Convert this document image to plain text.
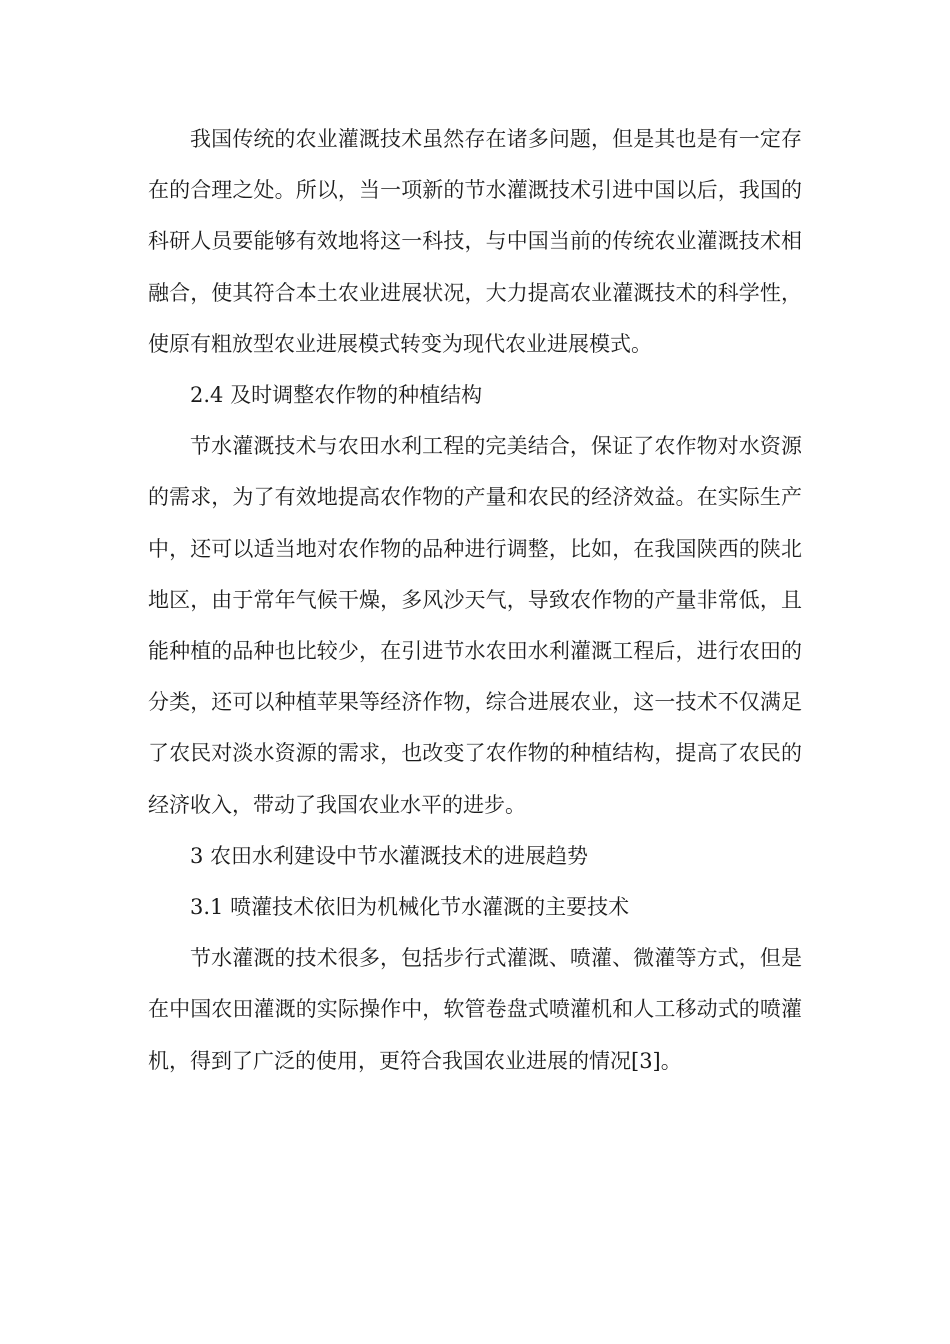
我国传统的农业灌溉技术虽然存在诸多问题，但是其也是有一定存在的合理之处。所以，当一项新的节水灌溉技术引进中国以后，我国的科研人员要能够有效地将这一科技，与中国当前的传统农业灌溉技术相融合，使其符合本土农业进展状况，大力提高农业灌溉技术的科学性，使原有粗放型农业进展模式转变为现代农业进展模式。

2.4 及时调整农作物的种植结构

节水灌溉技术与农田水利工程的完美结合，保证了农作物对水资源的需求，为了有效地提高农作物的产量和农民的经济效益。在实际生产中，还可以适当地对农作物的品种进行调整，比如，在我国陕西的陕北地区，由于常年气候干燥，多风沙天气，导致农作物的产量非常低，且能种植的品种也比较少，在引进节水农田水利灌溉工程后，进行农田的分类，还可以种植苹果等经济作物，综合进展农业，这一技术不仅满足了农民对淡水资源的需求，也改变了农作物的种植结构，提高了农民的经济收入，带动了我国农业水平的进步。

3 农田水利建设中节水灌溉技术的进展趋势

3.1 喷灌技术依旧为机械化节水灌溉的主要技术

节水灌溉的技术很多，包括步行式灌溉、喷灌、微灌等方式，但是在中国农田灌溉的实际操作中，软管卷盘式喷灌机和人工移动式的喷灌机，得到了广泛的使用，更符合我国农业进展的情况[3]。
